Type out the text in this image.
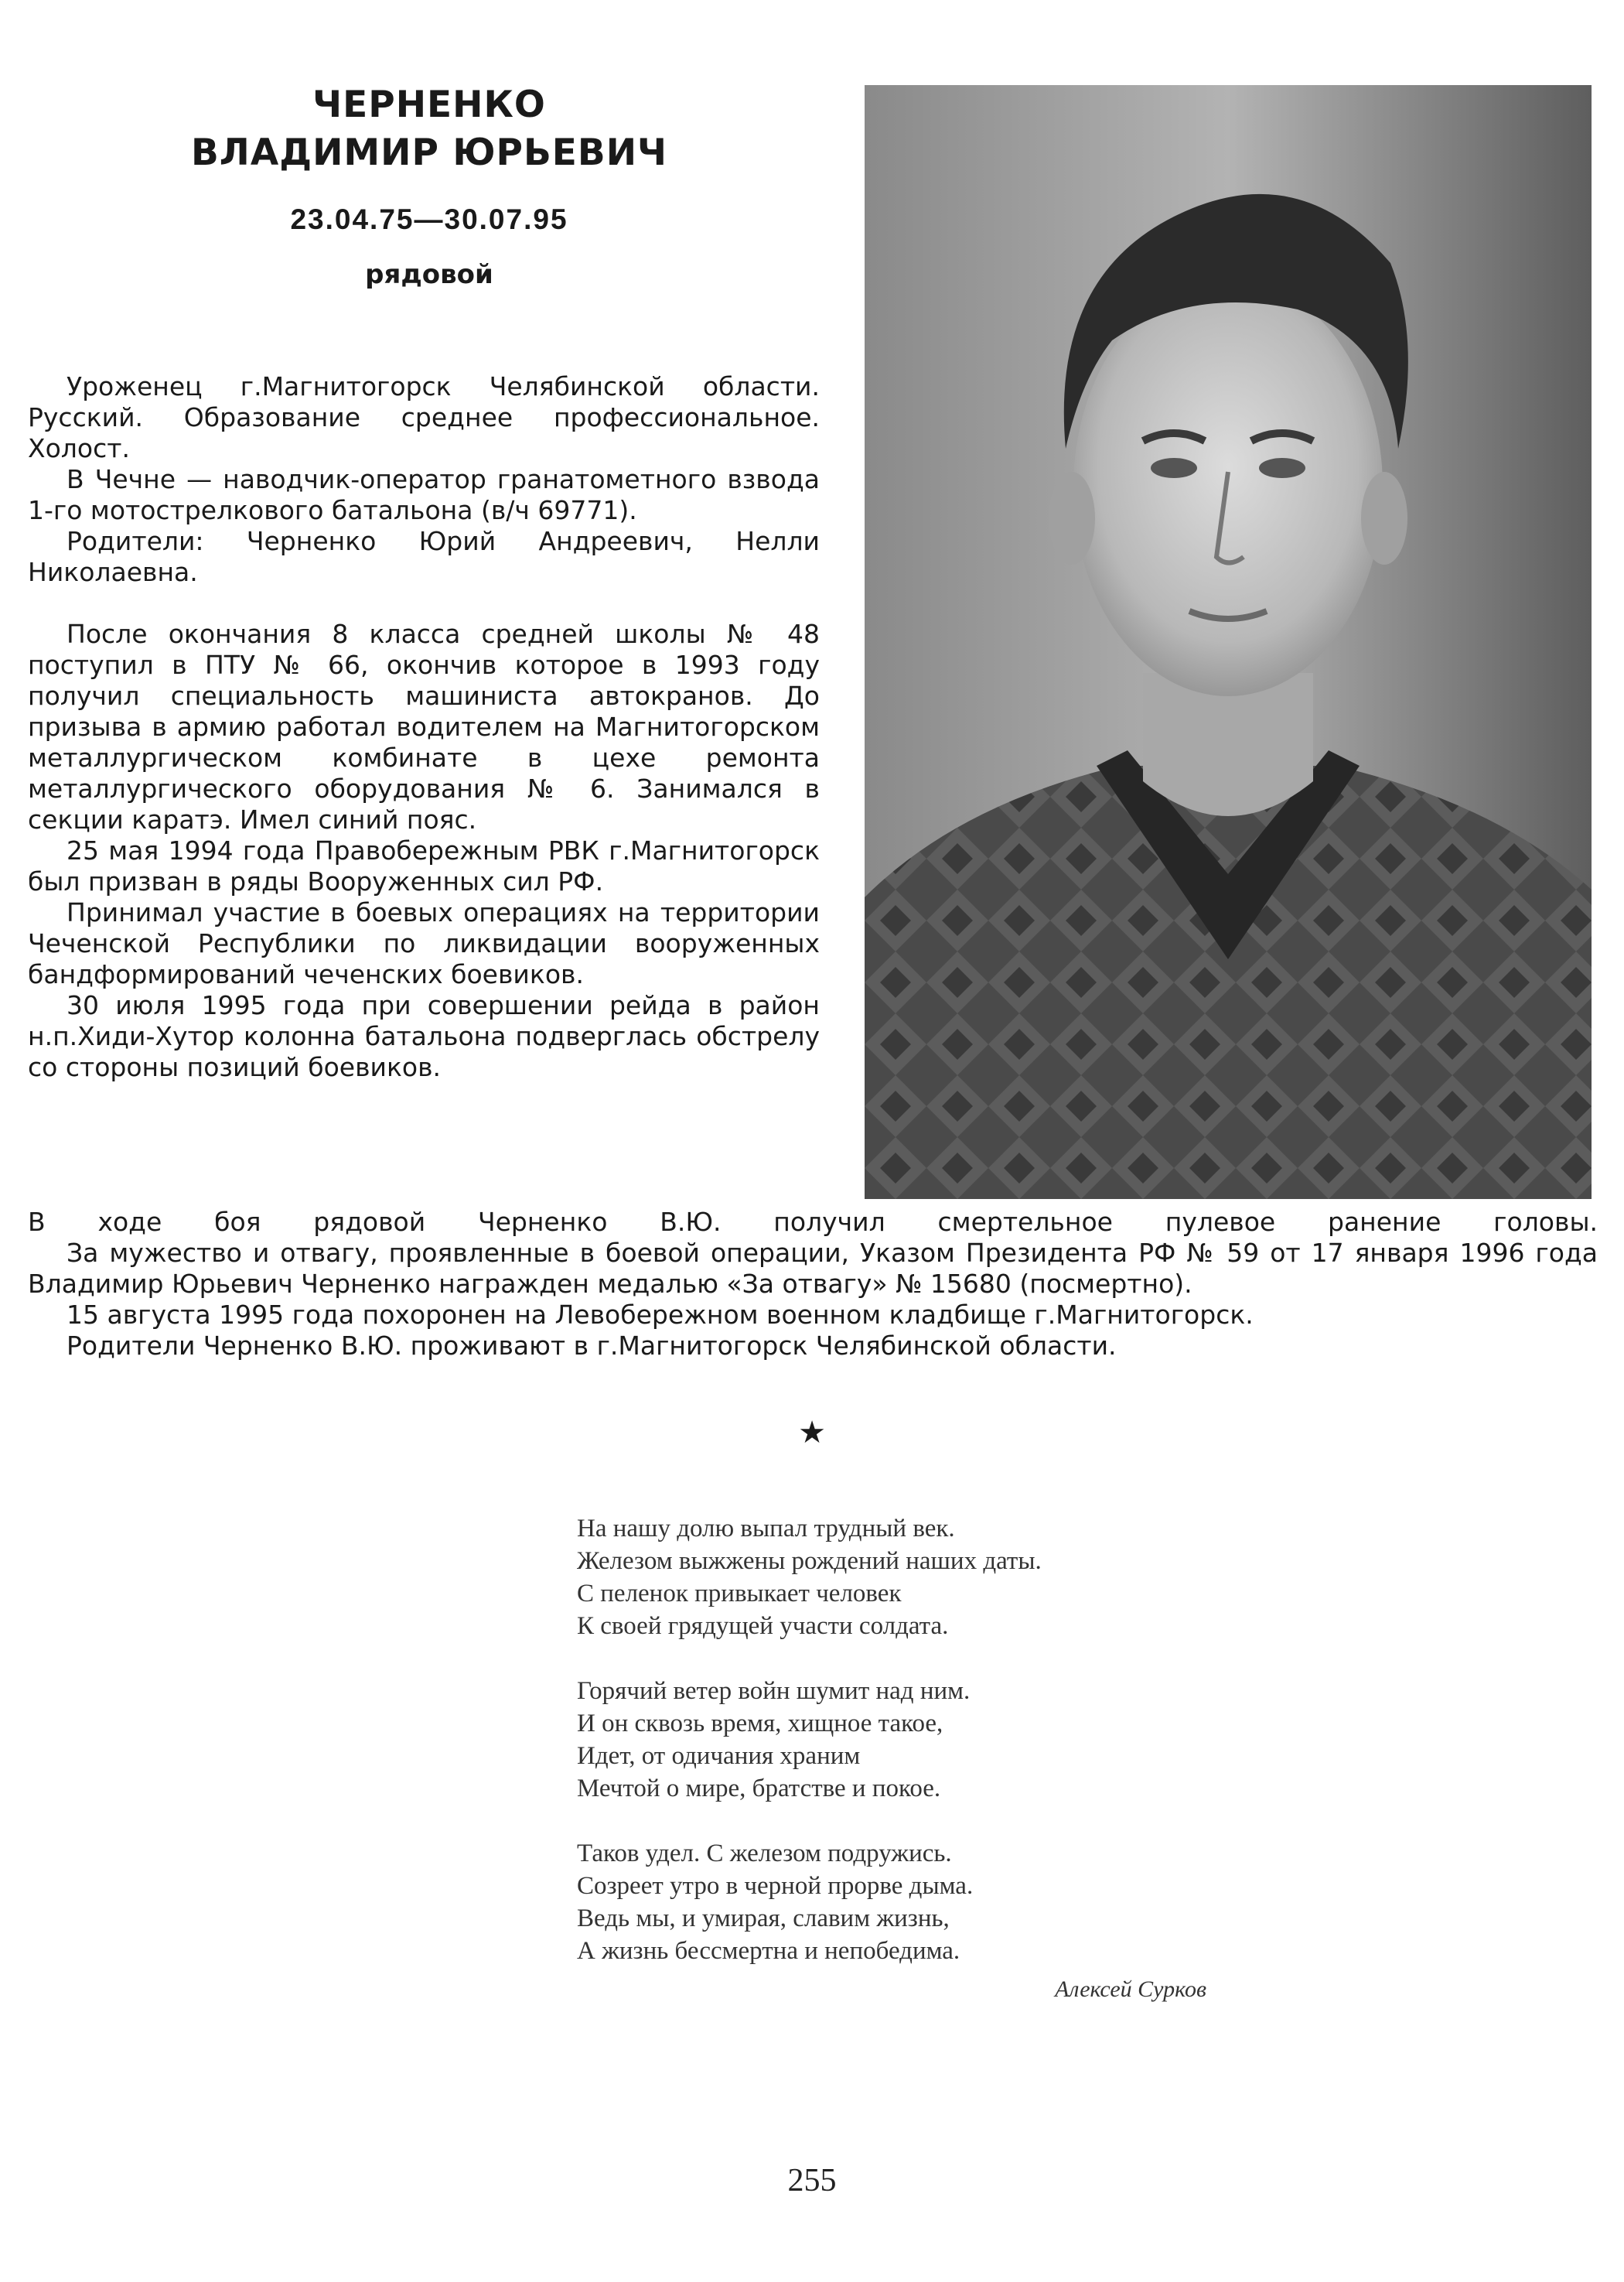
ЧЕРНЕНКО
ВЛАДИМИР ЮРЬЕВИЧ
23.04.75—30.07.95
рядовой

Уроженец г.Магнитогорск Челябинской области. Русский. Образование среднее профессиональное. Холост.

В Чечне — наводчик-оператор гранатометного взвода 1-го мотострелкового батальона (в/ч 69771).

Родители: Черненко Юрий Андреевич, Нелли Николаевна.

После окончания 8 класса средней школы № 48 поступил в ПТУ № 66, окончив которое в 1993 году получил специальность машиниста автокранов. До призыва в армию работал водителем на Магнитогорском металлургическом комбинате в цехе ремонта металлургического оборудования № 6. Занимался в секции каратэ. Имел синий пояс.

25 мая 1994 года Правобережным РВК г.Магнитогорск был призван в ряды Вооруженных сил РФ.

Принимал участие в боевых операциях на территории Чеченской Республики по ликвидации вооруженных бандформирований чеченских боевиков.

30 июля 1995 года при совершении рейда в район н.п.Хиди-Хутор колонна батальона подверглась обстрелу со стороны позиций боевиков.

В ходе боя рядовой Черненко В.Ю. получил смертельное пулевое ранение головы.

За мужество и отвагу, проявленные в боевой операции, Указом Президента РФ № 59 от 17 января 1996 года Владимир Юрьевич Черненко награжден медалью «За отвагу» № 15680 (посмертно).

15 августа 1995 года похоронен на Левобережном военном кладбище г.Магнитогорск.

Родители Черненко В.Ю. проживают в г.Магнитогорск Челябинской области.

★
На нашу долю выпал трудный век.
Железом выжжены рождений наших даты.
С пеленок привыкает человек
К своей грядущей участи солдата.
Горячий ветер войн шумит над ним.
И он сквозь время, хищное такое,
Идет, от одичания храним
Мечтой о мире, братстве и покое.
Таков удел. С железом подружись.
Созреет утро в черной прорве дыма.
Ведь мы, и умирая, славим жизнь,
А жизнь бессмертна и непобедима.
Алексей Сурков
255
